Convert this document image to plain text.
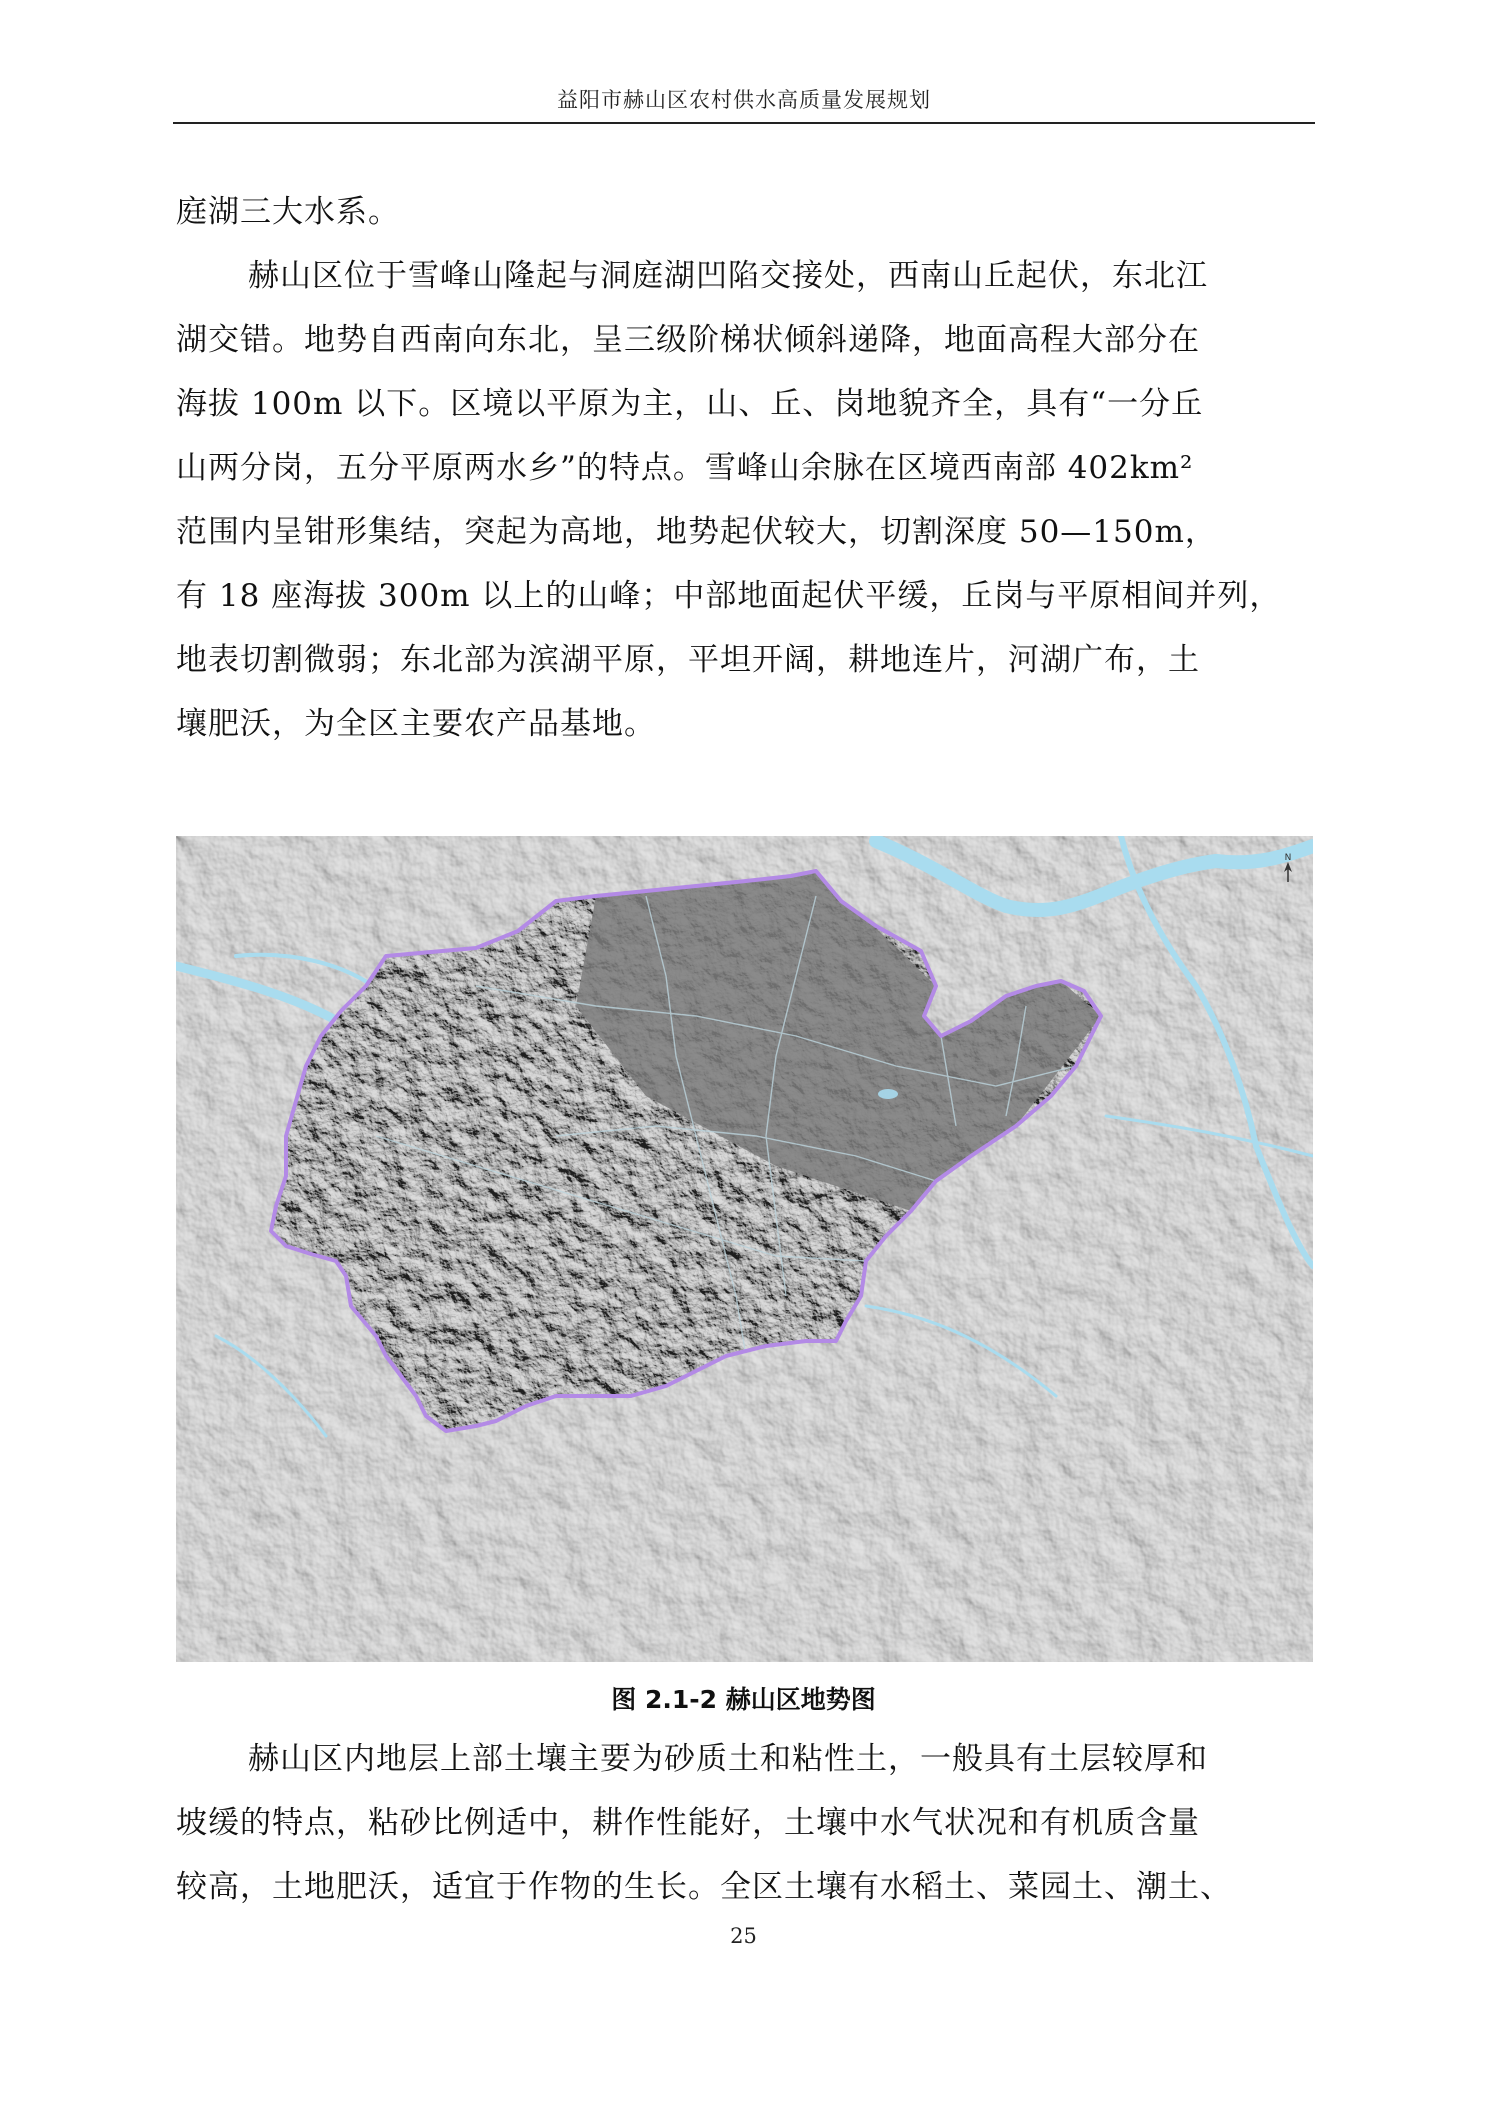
益阳市赫山区农村供水高质量发展规划

庭湖三大水系。

赫山区位于雪峰山隆起与洞庭湖凹陷交接处，西南山丘起伏，东北江

湖交错。地势自西南向东北，呈三级阶梯状倾斜递降，地面高程大部分在

海拔 100m 以下。区境以平原为主，山、丘、岗地貌齐全，具有“一分丘

山两分岗，五分平原两水乡”的特点。雪峰山余脉在区境西南部 402km²

范围内呈钳形集结，突起为高地，地势起伏较大，切割深度 50—150m，

有 18 座海拔 300m 以上的山峰；中部地面起伏平缓，丘岗与平原相间并列，

地表切割微弱；东北部为滨湖平原，平坦开阔，耕地连片，河湖广布，土

壤肥沃，为全区主要农产品基地。

N
图 2.1-2 赫山区地势图

赫山区内地层上部土壤主要为砂质土和粘性土，一般具有土层较厚和

坡缓的特点，粘砂比例适中，耕作性能好，土壤中水气状况和有机质含量

较高，土地肥沃，适宜于作物的生长。全区土壤有水稻土、菜园土、潮土、

25
